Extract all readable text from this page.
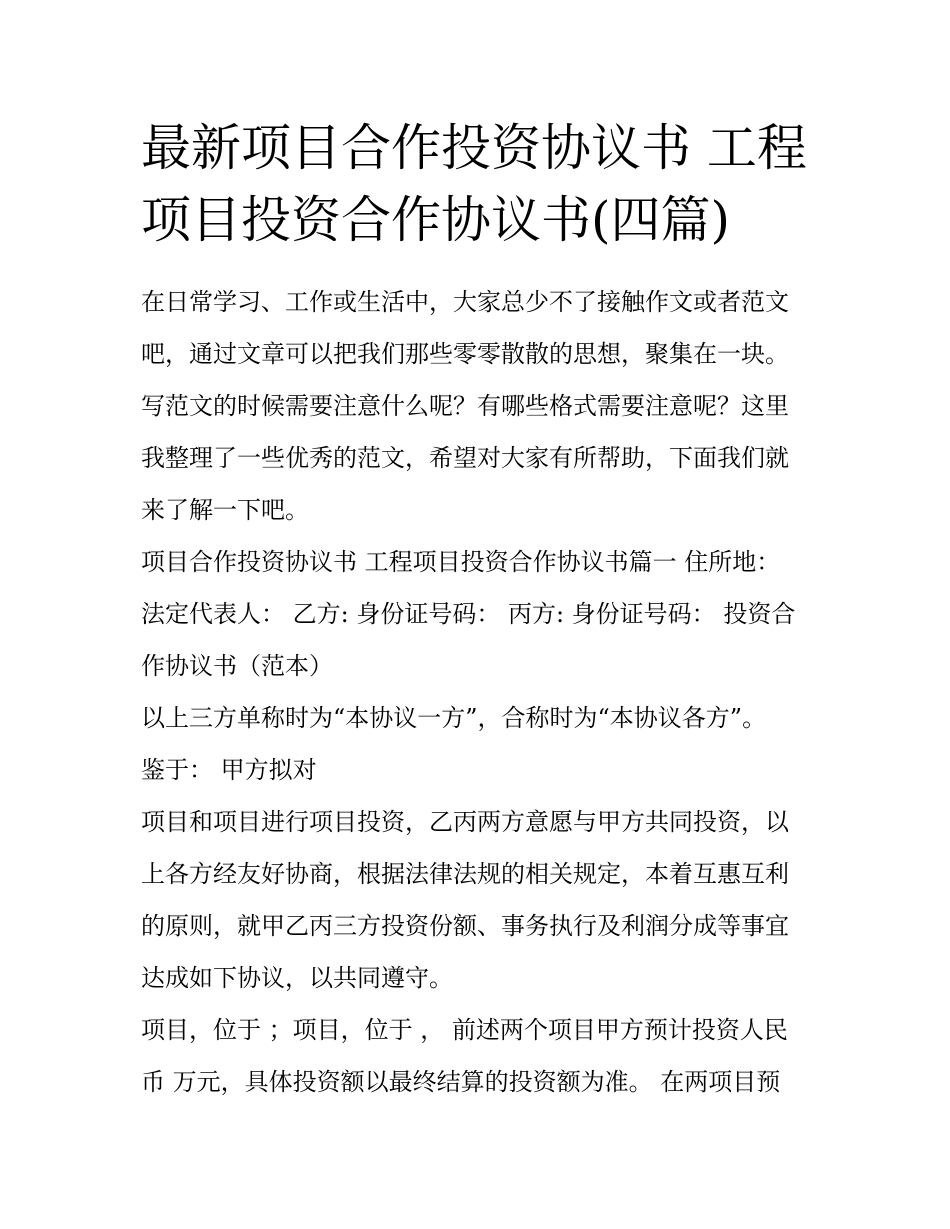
最新项目合作投资协议书 工程
项目投资合作协议书(四篇)

在日常学习、工作或生活中，大家总少不了接触作文或者范文
吧，通过文章可以把我们那些零零散散的思想，聚集在一块。
写范文的时候需要注意什么呢？有哪些格式需要注意呢？这里
我整理了一些优秀的范文，希望对大家有所帮助，下面我们就
来了解一下吧。

项目合作投资协议书 工程项目投资合作协议书篇一 住所地：
法定代表人： 乙方: 身份证号码： 丙方: 身份证号码： 投资合
作协议书（范本）

以上三方单称时为“本协议一方”，合称时为“本协议各方”。

鉴于： 甲方拟对

项目和项目进行项目投资，乙丙两方意愿与甲方共同投资，以
上各方经友好协商，根据法律法规的相关规定，本着互惠互利
的原则，就甲乙丙三方投资份额、事务执行及利润分成等事宜
达成如下协议，以共同遵守。

项目，位于 ；项目，位于 ， 前述两个项目甲方预计投资人民
币 万元，具体投资额以最终结算的投资额为准。 在两项目预
